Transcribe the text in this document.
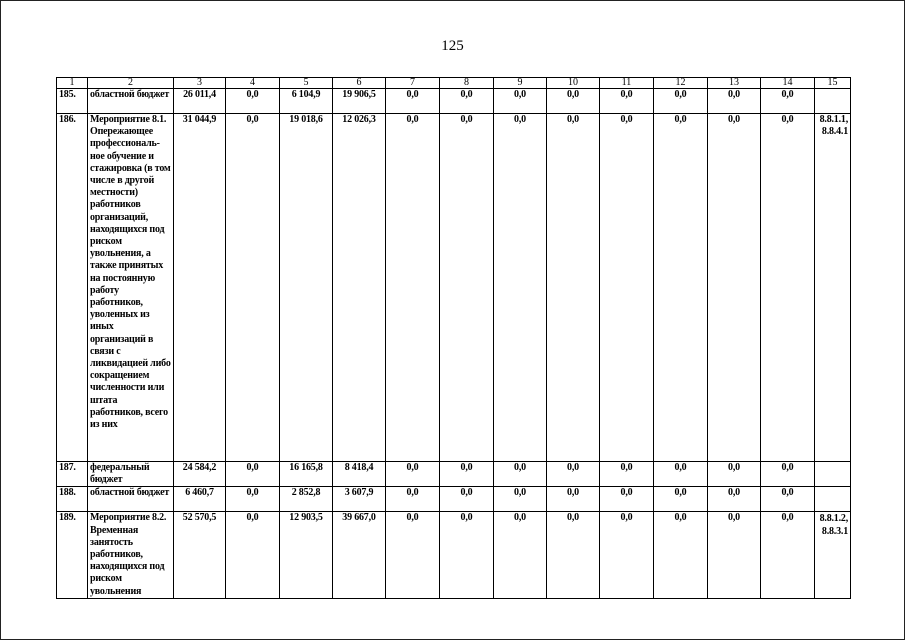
125
1	2	3	4	5	6	7	8	9	10	11	12	13	14	15
185.	областной бюджет	26 011,4	0,0	6 104,9	19 906,5	0,0	0,0	0,0	0,0	0,0	0,0	0,0	0,0	
186.	Мероприятие 8.1. Опережающее профессиональ-ное обучение и стажировка (в том числе в другой местности) работников организаций, находящихся под риском увольнения, а также принятых на постоянную работу работников, уволенных из иных организаций в связи с ликвидацией либо сокращением численности или штата работников, всего из них	31 044,9	0,0	19 018,6	12 026,3	0,0	0,0	0,0	0,0	0,0	0,0	0,0	0,0	8.8.1.1, 8.8.4.1
187.	федеральный бюджет	24 584,2	0,0	16 165,8	8 418,4	0,0	0,0	0,0	0,0	0,0	0,0	0,0	0,0	
188.	областной бюджет	6 460,7	0,0	2 852,8	3 607,9	0,0	0,0	0,0	0,0	0,0	0,0	0,0	0,0	
189.	Мероприятие 8.2. Временная занятость работников, находящихся под риском увольнения	52 570,5	0,0	12 903,5	39 667,0	0,0	0,0	0,0	0,0	0,0	0,0	0,0	0,0	8.8.1.2, 8.8.3.1
